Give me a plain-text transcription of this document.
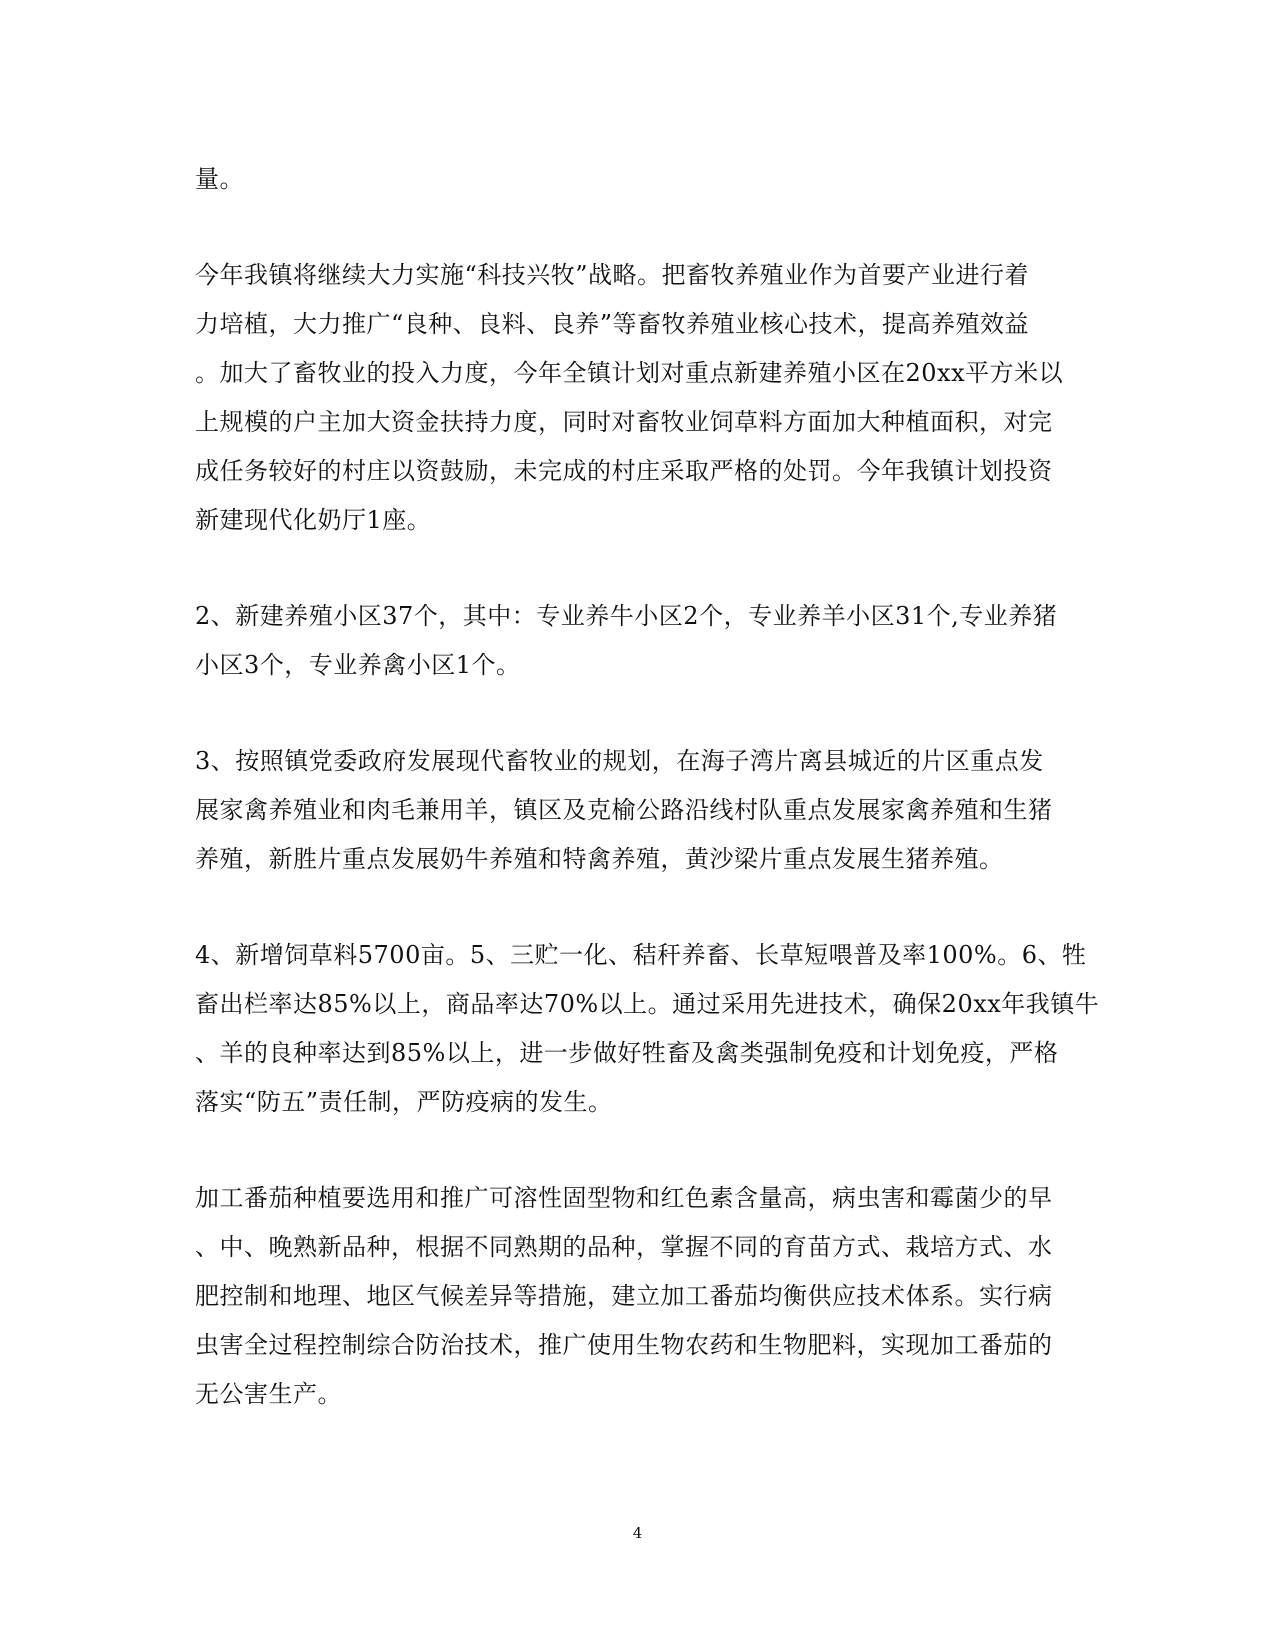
量。

今年我镇将继续大力实施“科技兴牧”战略。把畜牧养殖业作为首要产业进行着
力培植，大力推广“良种、良料、良养”等畜牧养殖业核心技术，提高养殖效益
。加大了畜牧业的投入力度，今年全镇计划对重点新建养殖小区在20xx平方米以
上规模的户主加大资金扶持力度，同时对畜牧业饲草料方面加大种植面积，对完
成任务较好的村庄以资鼓励，未完成的村庄采取严格的处罚。今年我镇计划投资
新建现代化奶厅1座。

2、新建养殖小区37个，其中：专业养牛小区2个，专业养羊小区31个,专业养猪
小区3个，专业养禽小区1个。

3、按照镇党委政府发展现代畜牧业的规划，在海子湾片离县城近的片区重点发
展家禽养殖业和肉毛兼用羊，镇区及克榆公路沿线村队重点发展家禽养殖和生猪
养殖，新胜片重点发展奶牛养殖和特禽养殖，黄沙梁片重点发展生猪养殖。

4、新增饲草料5700亩。5、三贮一化、秸秆养畜、长草短喂普及率100%。6、牲
畜出栏率达85%以上，商品率达70%以上。通过采用先进技术，确保20xx年我镇牛
、羊的良种率达到85%以上，进一步做好牲畜及禽类强制免疫和计划免疫，严格
落实“防五”责任制，严防疫病的发生。

加工番茄种植要选用和推广可溶性固型物和红色素含量高，病虫害和霉菌少的早
、中、晚熟新品种，根据不同熟期的品种，掌握不同的育苗方式、栽培方式、水
肥控制和地理、地区气候差异等措施，建立加工番茄均衡供应技术体系。实行病
虫害全过程控制综合防治技术，推广使用生物农药和生物肥料，实现加工番茄的
无公害生产。

4
